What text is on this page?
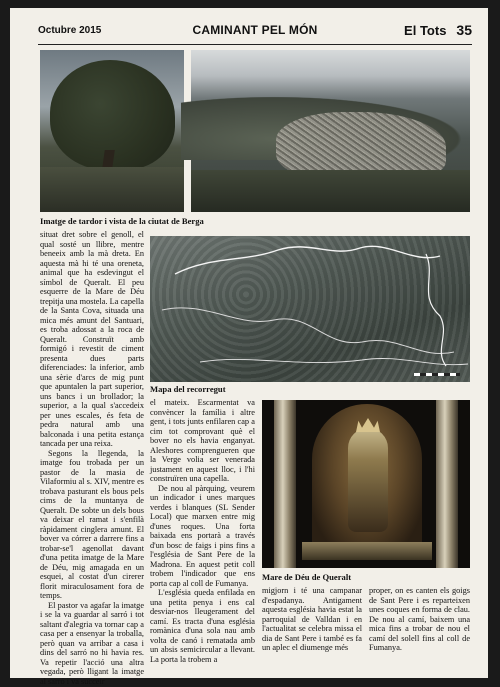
Octubre 2015	CAMINANT PEL MÓN	El Tots 35
Imatge de tardor i vista de la ciutat de Berga

situat dret sobre el genoll, el qual sosté un llibre, mentre beneeix amb la mà dreta. En aquesta mà hi té una oreneta, animal que ha esdevingut el símbol de Queralt. El peu esquerre de la Mare de Déu trepitja una mostela. La capella de la Santa Cova, situada una mica més amunt del Santuari, es troba adossat a la roca de Queralt. Construït amb formigó i revestit de ciment presenta dues parts diferenciades: la inferior, amb una sèrie d'arcs de mig punt que apuntalen la part superior, uns bancs i un brollador; la superior, a la qual s'accedeix per unes escales, és feta de pedra natural amb una balconada i una petita estança tancada per una reixa.

Segons la llegenda, la imatge fou trobada per un pastor de la masia de Vilaformiu al s. XIV, mentre es trobava pasturant els bous pels cims de la muntanya de Queralt. De sobte un dels bous va deixar el ramat i s'enfilà ràpidament cinglera amunt. El bover va córrer a darrere fins a trobar-se'l agenollat davant d'una petita imatge de la Mare de Déu, mig amagada en un esquei, al costat d'un cirerer florit miraculosament fora de temps.

El pastor va agafar la imatge i se la va guardar al sarró i tot saltant d'alegria va tornar cap a casa per a ensenyar la troballa, però quan va arribar a casa i dins del sarró no hi havia res. Va repetir l'acció una altra vegada, però lligant la imatge al sarró i va succeir

Mapa del recorregut

el mateix. Escarmentat va convèncer la família i altre gent, i tots junts enfilaren cap a cim tot comprovant què el bover no els havia enganyat. Aleshores comprengueren que la Verge volia ser venerada justament en aquest lloc, i l'hi construïren una capella.

De nou al pàrquing, veurem un indicador i unes marques verdes i blanques (SL Sender Local) que marxen entre mig d'unes roques. Una forta baixada ens portarà a través d'un bosc de faigs i pins fins a l'església de Sant Pere de la Madrona. En aquest petit coll trobem l'indicador que ens porta cap al coll de Fumanya.

L'església queda enfilada en una petita penya i ens cal desviar-nos lleugerament del camí. Es tracta d'una església romànica d'una sola nau amb volta de canó i rematada amb un absis semicircular a llevant. La porta la trobem a

Mare de Déu de Queralt

migjorn i té una campanar d'espadanya. Antigament aquesta església havia estat la parroquial de Valldan i en l'actualitat se celebra missa el dia de Sant Pere i també es fa un aplec el diumenge més

proper, on es canten els goigs de Sant Pere i es reparteixen unes coques en forma de clau. De nou al camí, baixem una mica fins a trobar de nou el camí del solell fins al coll de Fumanya.
